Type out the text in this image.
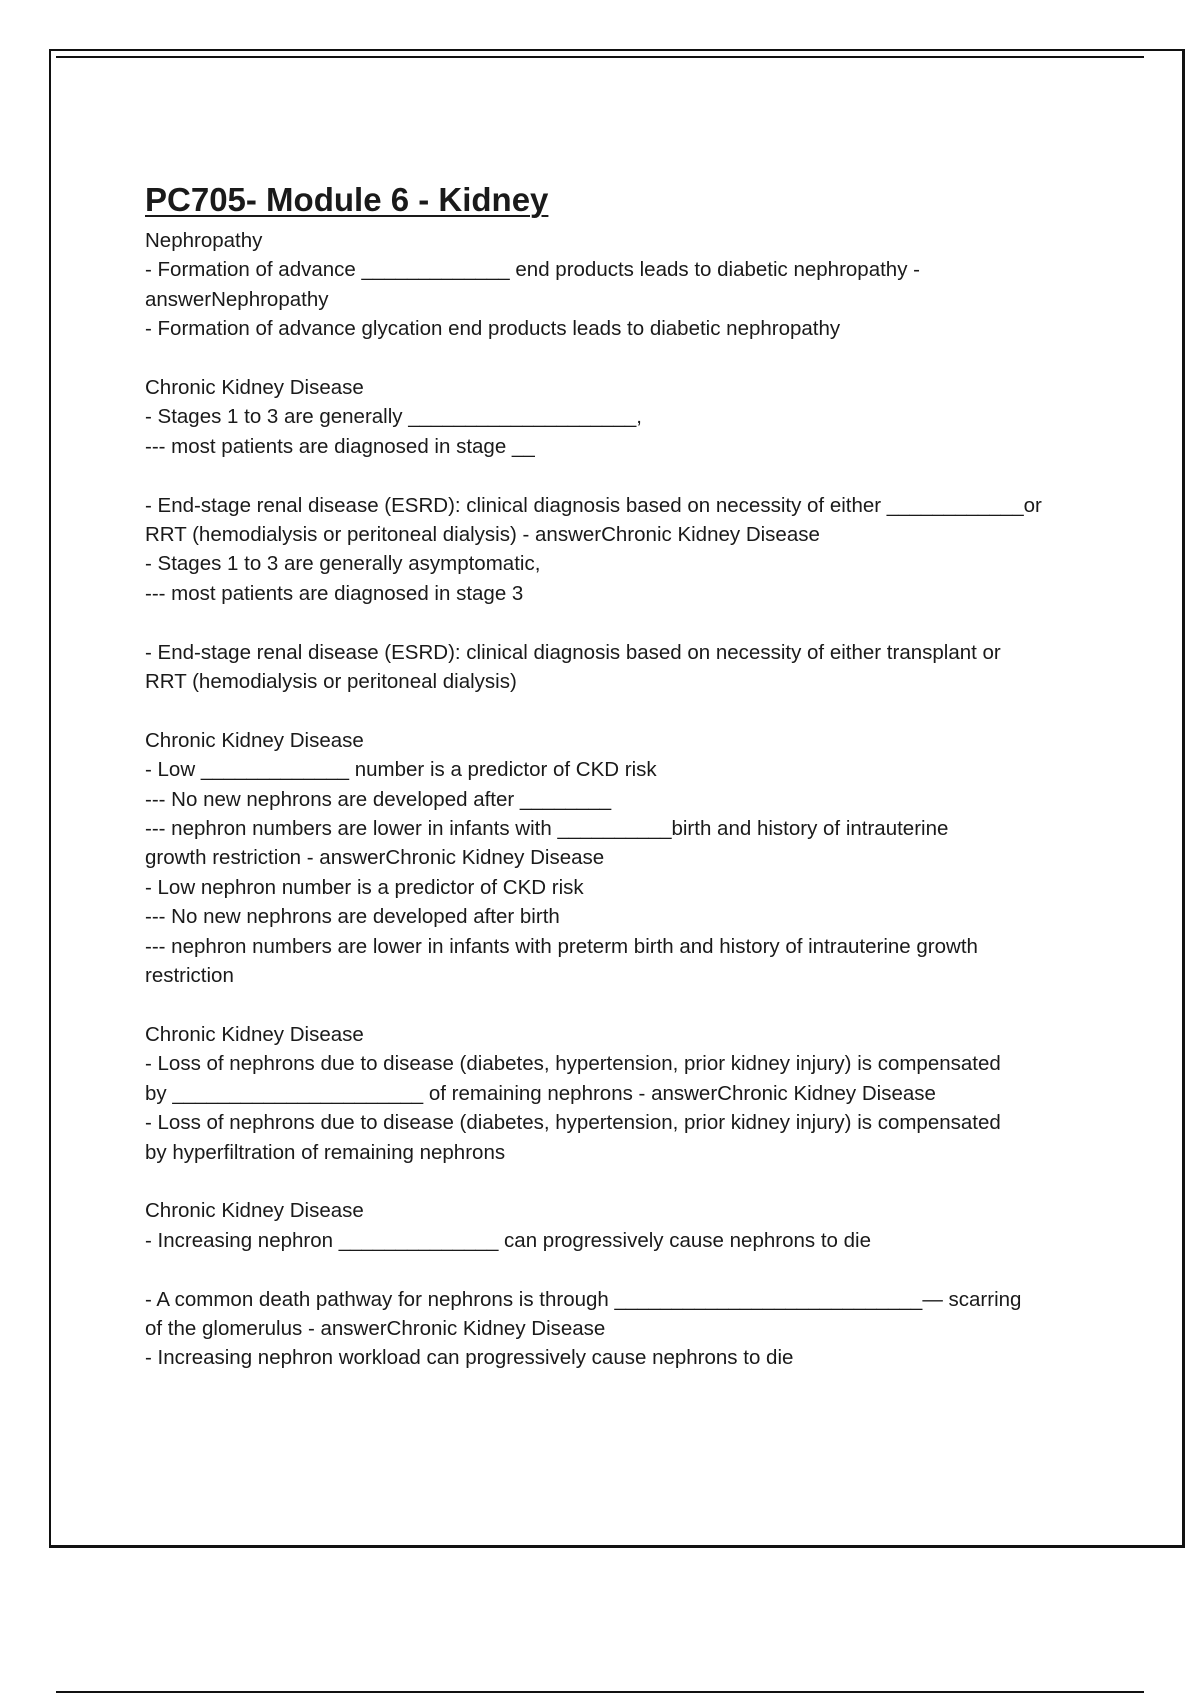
PC705- Module 6 - Kidney
Nephropathy
- Formation of advance _____________ end products leads to diabetic nephropathy -
answerNephropathy
- Formation of advance glycation end products leads to diabetic nephropathy
Chronic Kidney Disease
- Stages 1 to 3 are generally ____________________,
--- most patients are diagnosed in stage __
- End-stage renal disease (ESRD): clinical diagnosis based on necessity of either ____________or
RRT (hemodialysis or peritoneal dialysis) - answerChronic Kidney Disease
- Stages 1 to 3 are generally asymptomatic,
--- most patients are diagnosed in stage 3
- End-stage renal disease (ESRD): clinical diagnosis based on necessity of either transplant or
RRT (hemodialysis or peritoneal dialysis)
Chronic Kidney Disease
- Low _____________ number is a predictor of CKD risk
--- No new nephrons are developed after ________
--- nephron numbers are lower in infants with __________birth and history of intrauterine
growth restriction - answerChronic Kidney Disease
- Low nephron number is a predictor of CKD risk
--- No new nephrons are developed after birth
--- nephron numbers are lower in infants with preterm birth and history of intrauterine growth
restriction
Chronic Kidney Disease
- Loss of nephrons due to disease (diabetes, hypertension, prior kidney injury) is compensated
by ______________________ of remaining nephrons - answerChronic Kidney Disease
- Loss of nephrons due to disease (diabetes, hypertension, prior kidney injury) is compensated
by hyperfiltration of remaining nephrons
Chronic Kidney Disease
- Increasing nephron ______________ can progressively cause nephrons to die
- A common death pathway for nephrons is through ___________________________— scarring
of the glomerulus - answerChronic Kidney Disease
- Increasing nephron workload can progressively cause nephrons to die
